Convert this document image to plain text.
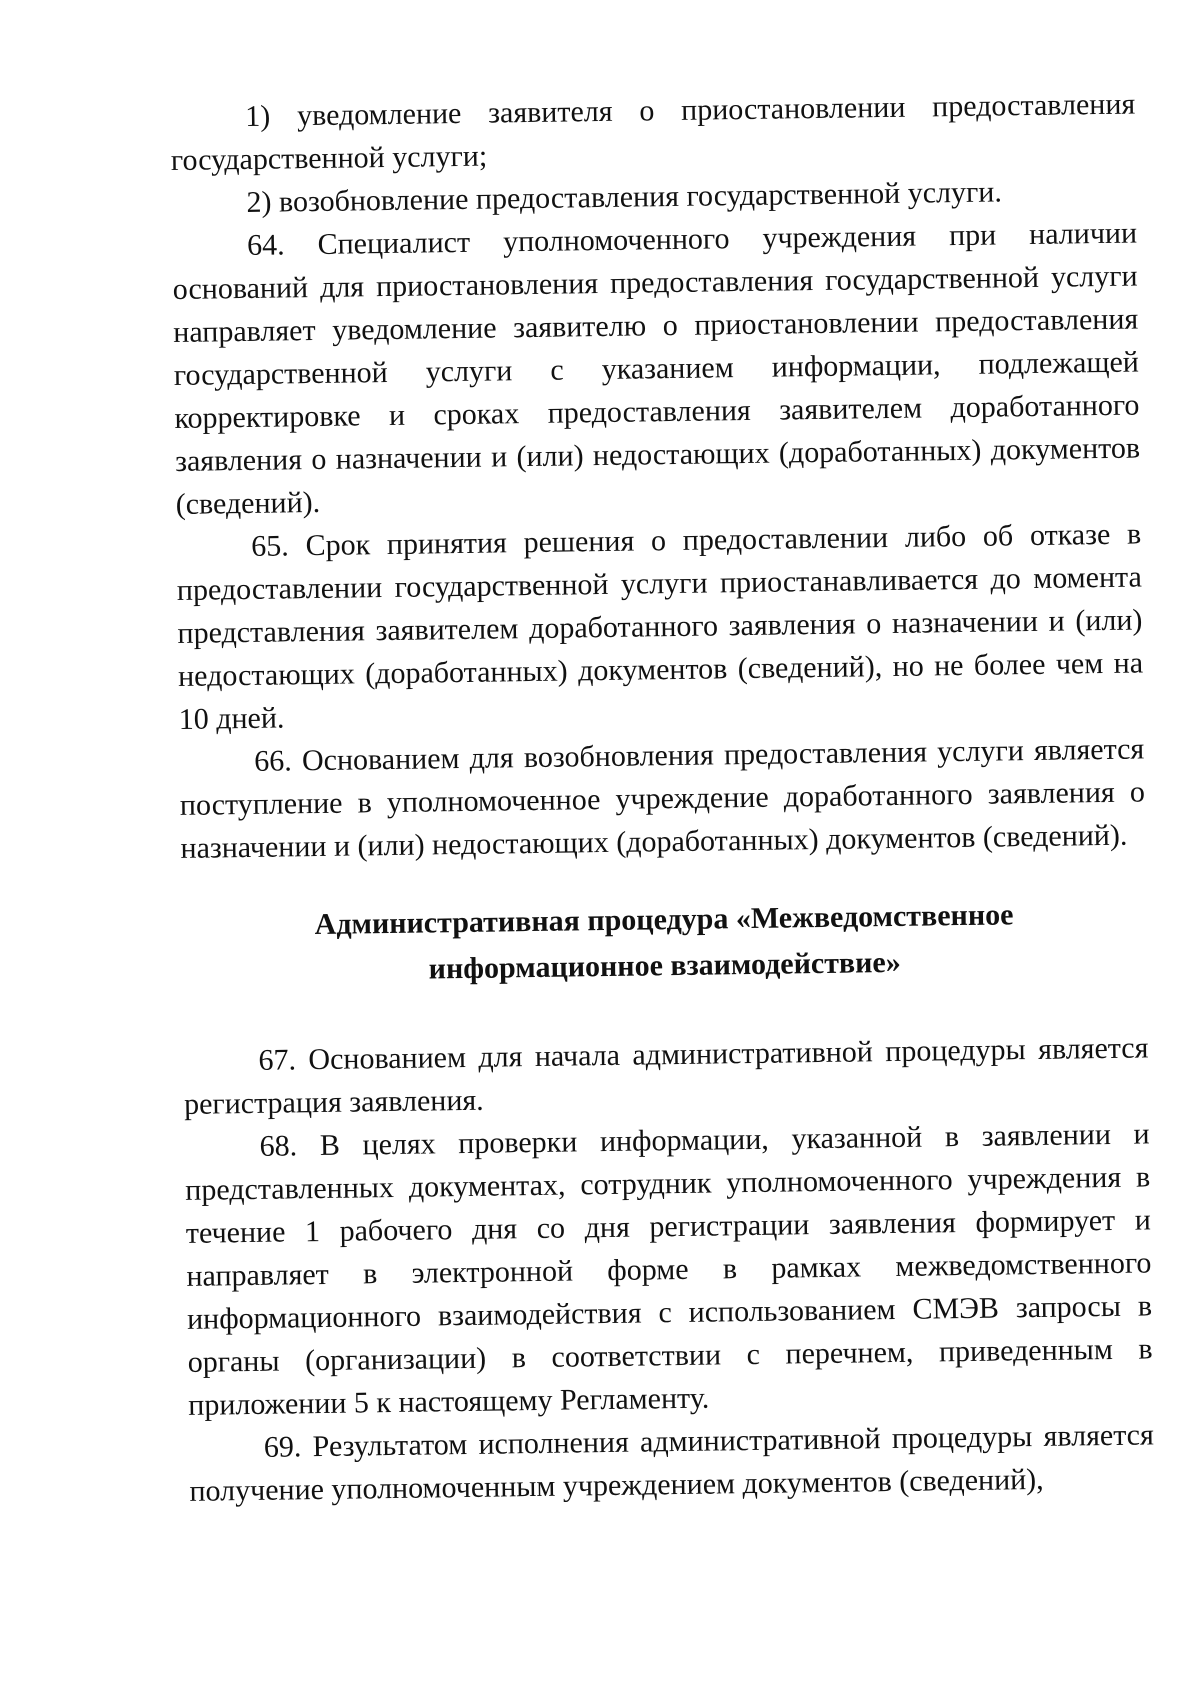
1) уведомление заявителя о приостановлении предоставления государственной услуги;

2) возобновление предоставления государственной услуги.

64. Специалист уполномоченного учреждения при наличии оснований для приостановления предоставления государственной услуги направляет уведомление заявителю о приостановлении предоставления государственной услуги с указанием информации, подлежащей корректировке и сроках предоставления заявителем доработанного заявления о назначении и (или) недостающих (доработанных) документов (сведений).

65. Срок принятия решения о предоставлении либо об отказе в предоставлении государственной услуги приостанавливается до момента представления заявителем доработанного заявления о назначении и (или) недостающих (доработанных) документов (сведений), но не более чем на 10 дней.

66. Основанием для возобновления предоставления услуги является поступление в уполномоченное учреждение доработанного заявления о назначении и (или) недостающих (доработанных) документов (сведений).

Административная процедура «Межведомственное
информационное взаимодействие»

67. Основанием для начала административной процедуры является регистрация заявления.

68. В целях проверки информации, указанной в заявлении и представленных документах, сотрудник уполномоченного учреждения в течение 1 рабочего дня со дня регистрации заявления формирует и направляет в электронной форме в рамках межведомственного информационного взаимодействия с использованием СМЭВ запросы в органы (организации) в соответствии с перечнем, приведенным в приложении 5 к настоящему Регламенту.

69. Результатом исполнения административной процедуры является получение уполномоченным учреждением документов (сведений),
